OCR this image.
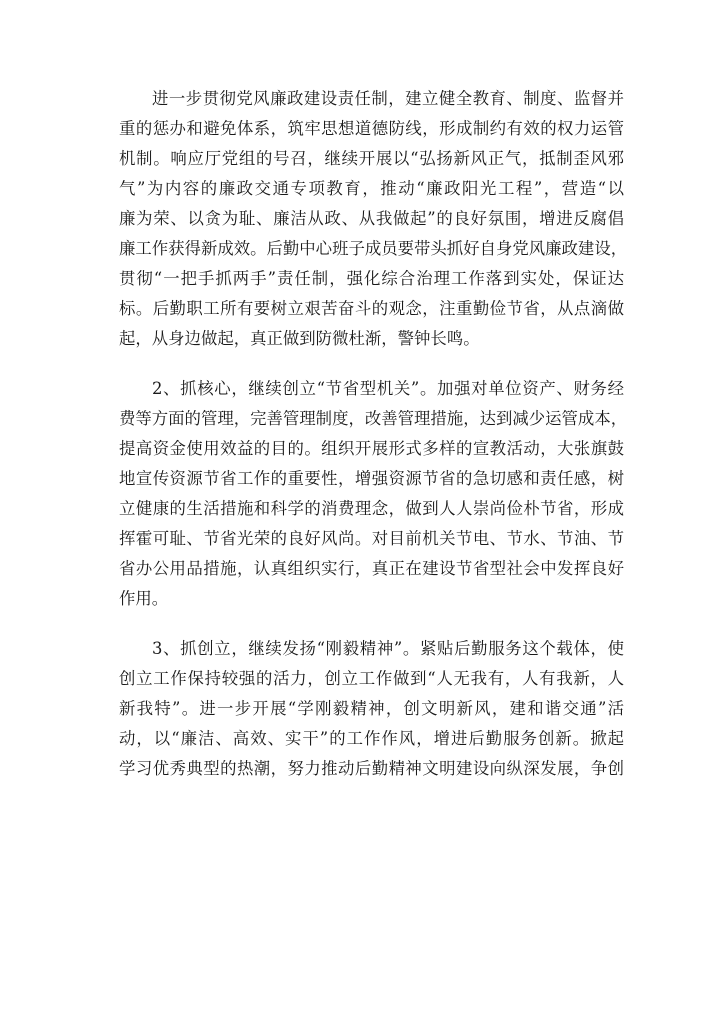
进一步贯彻党风廉政建设责任制，建立健全教育、制度、监督并
重的惩办和避免体系，筑牢思想道德防线，形成制约有效的权力运管
机制。响应厅党组的号召，继续开展以“弘扬新风正气，抵制歪风邪
气”为内容的廉政交通专项教育，推动“廉政阳光工程”，营造“以
廉为荣、以贪为耻、廉洁从政、从我做起”的良好氛围，增进反腐倡
廉工作获得新成效。后勤中心班子成员要带头抓好自身党风廉政建设，
贯彻“一把手抓两手”责任制，强化综合治理工作落到实处，保证达
标。后勤职工所有要树立艰苦奋斗的观念，注重勤俭节省，从点滴做
起，从身边做起，真正做到防微杜渐，警钟长鸣。
2、抓核心，继续创立“节省型机关”。加强对单位资产、财务经
费等方面的管理，完善管理制度，改善管理措施，达到减少运管成本，
提高资金使用效益的目的。组织开展形式多样的宣教活动，大张旗鼓
地宣传资源节省工作的重要性，增强资源节省的急切感和责任感，树
立健康的生活措施和科学的消费理念，做到人人崇尚俭朴节省，形成
挥霍可耻、节省光荣的良好风尚。对目前机关节电、节水、节油、节
省办公用品措施，认真组织实行，真正在建设节省型社会中发挥良好
作用。
3、抓创立，继续发扬“刚毅精神”。紧贴后勤服务这个载体，使
创立工作保持较强的活力，创立工作做到“人无我有，人有我新，人
新我特”。进一步开展“学刚毅精神，创文明新风，建和谐交通”活
动，以“廉洁、高效、实干”的工作作风，增进后勤服务创新。掀起
学习优秀典型的热潮，努力推动后勤精神文明建设向纵深发展，争创
